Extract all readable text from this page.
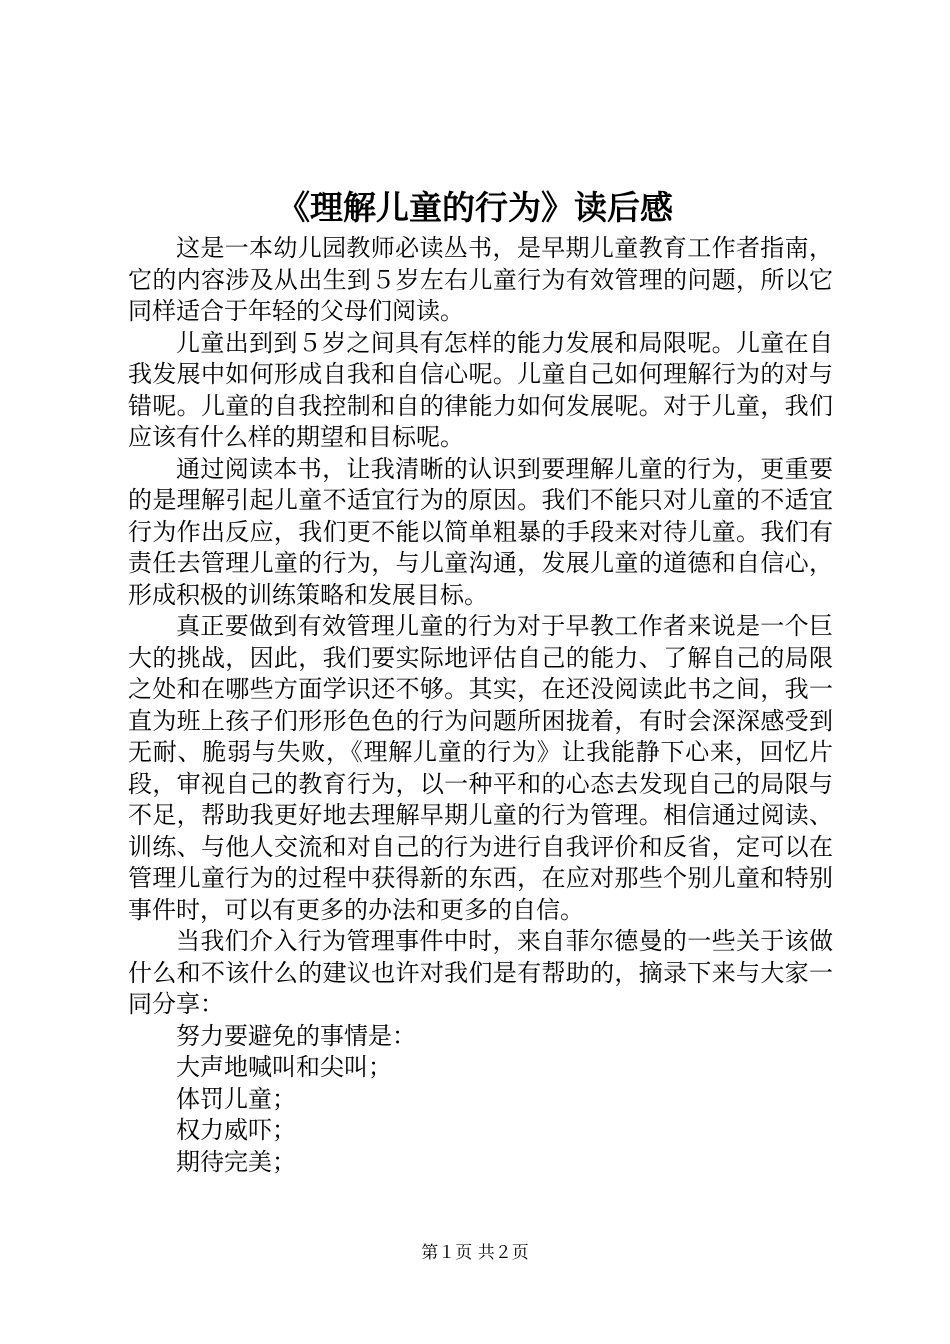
《理解儿童的行为》读后感

这是一本幼儿园教师必读丛书，是早期儿童教育工作者指南，它的内容涉及从出生到５岁左右儿童行为有效管理的问题，所以它同样适合于年轻的父母们阅读。

儿童出到到５岁之间具有怎样的能力发展和局限呢。儿童在自我发展中如何形成自我和自信心呢。儿童自己如何理解行为的对与错呢。儿童的自我控制和自的律能力如何发展呢。对于儿童，我们应该有什么样的期望和目标呢。

通过阅读本书，让我清晰的认识到要理解儿童的行为，更重要的是理解引起儿童不适宜行为的原因。我们不能只对儿童的不适宜行为作出反应，我们更不能以简单粗暴的手段来对待儿童。我们有责任去管理儿童的行为，与儿童沟通，发展儿童的道德和自信心，形成积极的训练策略和发展目标。

真正要做到有效管理儿童的行为对于早教工作者来说是一个巨大的挑战，因此，我们要实际地评估自己的能力、了解自己的局限之处和在哪些方面学识还不够。其实，在还没阅读此书之间，我一直为班上孩子们形形色色的行为问题所困拢着，有时会深深感受到无耐、脆弱与失败，《理解儿童的行为》让我能静下心来，回忆片段，审视自己的教育行为，以一种平和的心态去发现自己的局限与不足，帮助我更好地去理解早期儿童的行为管理。相信通过阅读、训练、与他人交流和对自己的行为进行自我评价和反省，定可以在管理儿童行为的过程中获得新的东西，在应对那些个别儿童和特别事件时，可以有更多的办法和更多的自信。

当我们介入行为管理事件中时，来自菲尔德曼的一些关于该做什么和不该什么的建议也许对我们是有帮助的，摘录下来与大家一同分享：

努力要避免的事情是：

大声地喊叫和尖叫；

体罚儿童；

权力威吓；

期待完美；

第１页 共２页
